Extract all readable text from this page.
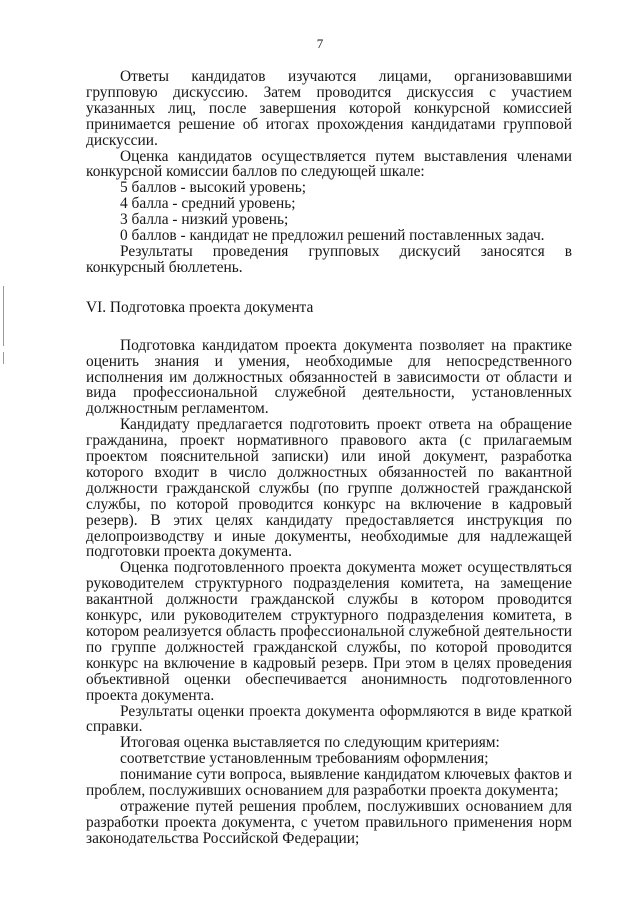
7

Ответы кандидатов изучаются лицами, организовавшими групповую дискуссию. Затем проводится дискуссия с участием указанных лиц, после завершения которой конкурсной комиссией принимается решение об итогах прохождения кандидатами групповой дискуссии.

Оценка кандидатов осуществляется путем выставления членами конкурсной комиссии баллов по следующей шкале:

5 баллов - высокий уровень;

4 балла - средний уровень;

3 балла - низкий уровень;

0 баллов - кандидат не предложил решений поставленных задач.

Результаты проведения групповых дискусий заносятся в конкурсный бюллетень.

VI. Подготовка проекта документа

Подготовка кандидатом проекта документа позволяет на практике оценить знания и умения, необходимые для непосредственного исполнения им должностных обязанностей в зависимости от области и вида профессиональной служебной деятельности, установленных должностным регламентом.

Кандидату предлагается подготовить проект ответа на обращение гражданина, проект нормативного правового акта (с прилагаемым проектом пояснительной записки) или иной документ, разработка которого входит в число должностных обязанностей по вакантной должности гражданской службы (по группе должностей гражданской службы, по которой проводится конкурс на включение в кадровый резерв). В этих целях кандидату предоставляется инструкция по делопроизводству и иные документы, необходимые для надлежащей подготовки проекта документа.

Оценка подготовленного проекта документа может осуществляться руководителем структурного подразделения комитета, на замещение вакантной должности гражданской службы в котором проводится конкурс, или руководителем структурного подразделения комитета, в котором реализуется область профессиональной служебной деятельности по группе должностей гражданской службы, по которой проводится конкурс на включение в кадровый резерв. При этом в целях проведения объективной оценки обеспечивается анонимность подготовленного проекта документа.

Результаты оценки проекта документа оформляются в виде краткой справки.

Итоговая оценка выставляется по следующим критериям:

соответствие установленным требованиям оформления;

понимание сути вопроса, выявление кандидатом ключевых фактов и проблем, послуживших основанием для разработки проекта документа;

отражение путей решения проблем, послуживших основанием для разработки проекта документа, с учетом правильного применения норм законодательства Российской Федерации;
